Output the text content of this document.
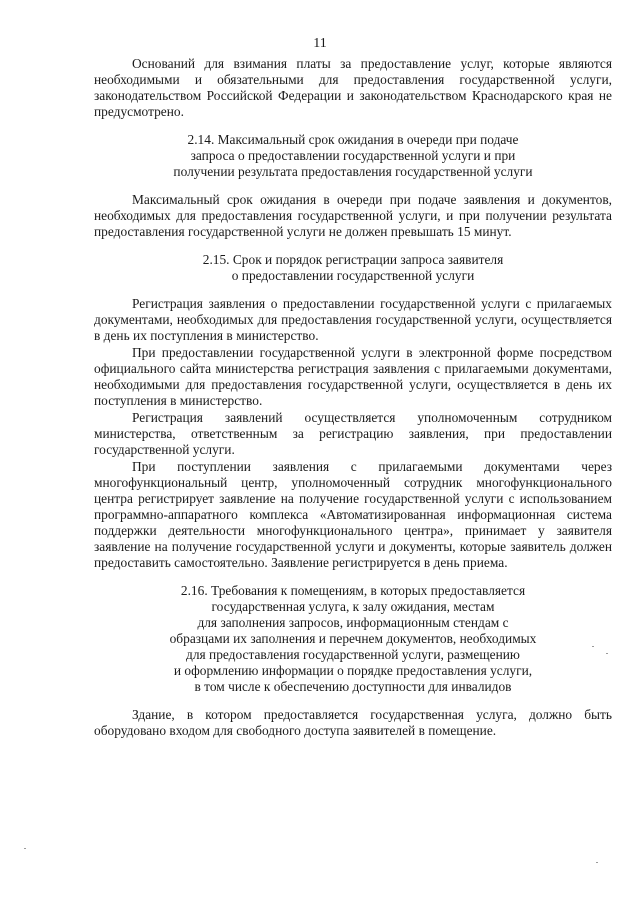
11

Оснований для взимания платы за предоставление услуг, которые являются необходимыми и обязательными для предоставления государственной услуги, законодательством Российской Федерации и законодательством Краснодарского края не предусмотрено.

2.14. Максимальный срок ожидания в очереди при подаче
запроса о предоставлении государственной услуги и при
получении результата предоставления государственной услуги

Максимальный срок ожидания в очереди при подаче заявления и документов, необходимых для предоставления государственной услуги, и при получении результата предоставления государственной услуги не должен превышать 15 минут.

2.15. Срок и порядок регистрации запроса заявителя
о предоставлении государственной услуги

Регистрация заявления о предоставлении государственной услуги с прилагаемых документами, необходимых для предоставления государственной услуги, осуществляется в день их поступления в министерство.

При предоставлении государственной услуги в электронной форме посредством официального сайта министерства регистрация заявления с прилагаемыми документами, необходимыми для предоставления государственной услуги, осуществляется в день их поступления в министерство.

Регистрация заявлений осуществляется уполномоченным сотрудником министерства, ответственным за регистрацию заявления, при предоставлении государственной услуги.

При поступлении заявления с прилагаемыми документами через многофункциональный центр, уполномоченный сотрудник многофункционального центра регистрирует заявление на получение государственной услуги с использованием программно-аппаратного комплекса «Автоматизированная информационная система поддержки деятельности многофункционального центра», принимает у заявителя заявление на получение государственной услуги и документы, которые заявитель должен предоставить самостоятельно. Заявление регистрируется в день приема.

2.16. Требования к помещениям, в которых предоставляется
государственная услуга, к залу ожидания, местам
для заполнения запросов, информационным стендам с
образцами их заполнения и перечнем документов, необходимых
для предоставления государственной услуги, размещению
и оформлению информации о порядке предоставления услуги,
в том числе к обеспечению доступности для инвалидов

Здание, в котором предоставляется государственная услуга, должно быть оборудовано входом для свободного доступа заявителей в помещение.
